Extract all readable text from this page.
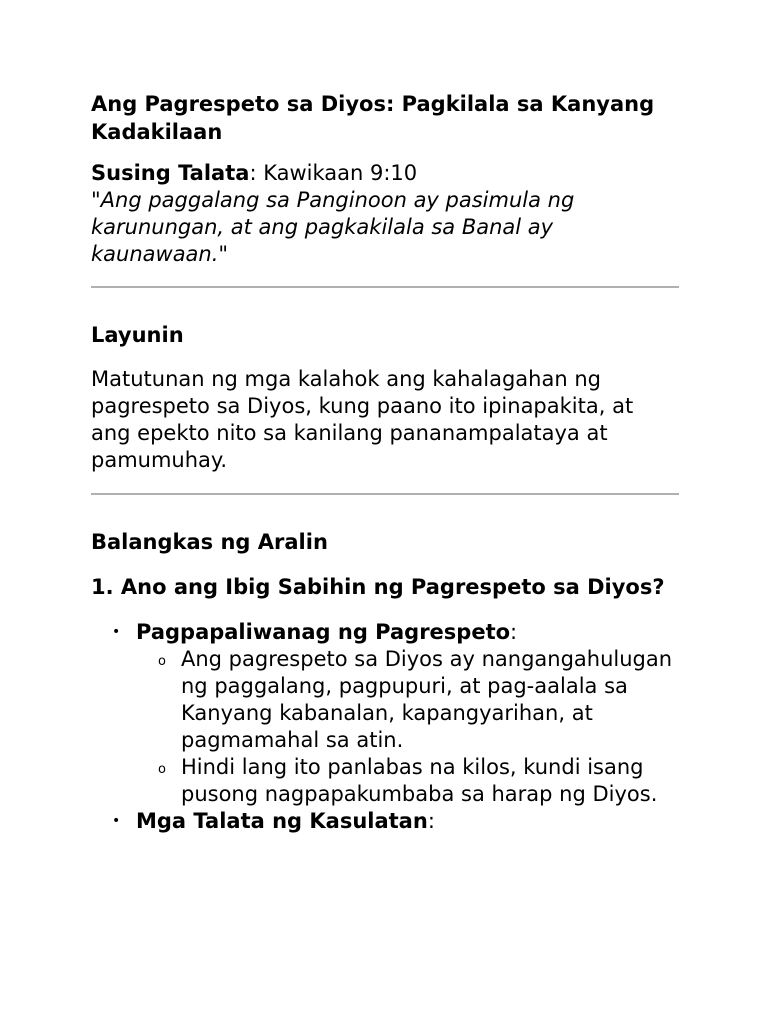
Ang Pagrespeto sa Diyos: Pagkilala sa Kanyang Kadakilaan

Susing Talata: Kawikaan 9:10

"Ang paggalang sa Panginoon ay pasimula ng karunungan, at ang pagkakilala sa Banal ay kaunawaan."

Layunin

Matutunan ng mga kalahok ang kahalagahan ng pagrespeto sa Diyos, kung paano ito ipinapakita, at ang epekto nito sa kanilang pananampalataya at pamumuhay.

Balangkas ng Aralin
1. Ano ang Ibig Sabihin ng Pagrespeto sa Diyos?
• Pagpapaliwanag ng Pagrespeto:
o Ang pagrespeto sa Diyos ay nangangahulugan ng paggalang, pagpupuri, at pag-aalala sa Kanyang kabanalan, kapangyarihan, at pagmamahal sa atin.
o Hindi lang ito panlabas na kilos, kundi isang pusong nagpapakumbaba sa harap ng Diyos.
• Mga Talata ng Kasulatan:
